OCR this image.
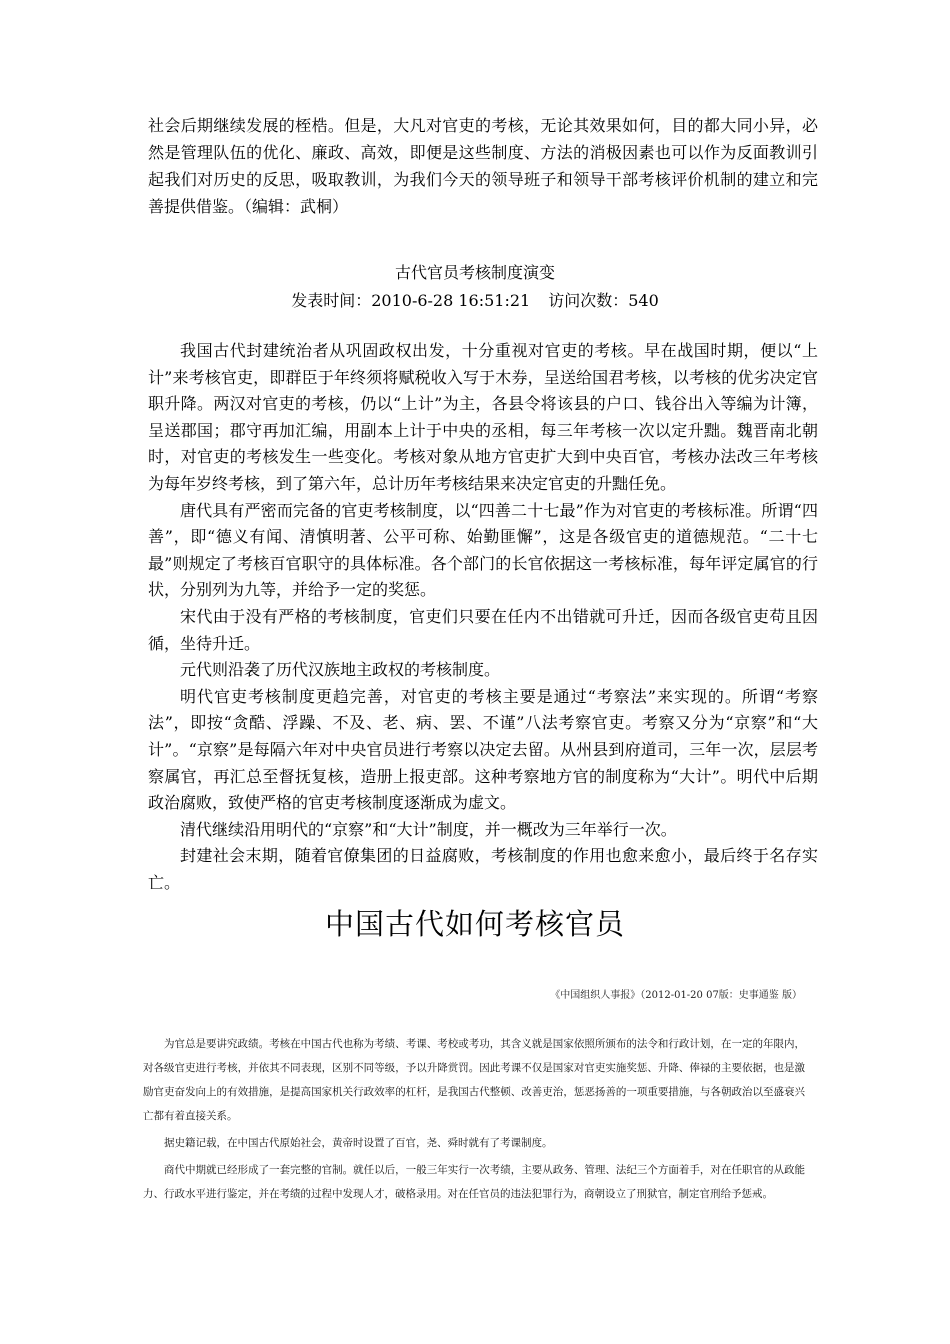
社会后期继续发展的桎梏。但是，大凡对官吏的考核，无论其效果如何，目的都大同小异，必然是管理队伍的优化、廉政、高效，即便是这些制度、方法的消极因素也可以作为反面教训引起我们对历史的反思，吸取教训，为我们今天的领导班子和领导干部考核评价机制的建立和完善提供借鉴。（编辑：武桐）

古代官员考核制度演变

发表时间：2010-6-28 16:51:21 访问次数：540

我国古代封建统治者从巩固政权出发，十分重视对官吏的考核。早在战国时期，便以“上计”来考核官吏，即群臣于年终须将赋税收入写于木券，呈送给国君考核，以考核的优劣决定官职升降。两汉对官吏的考核，仍以“上计”为主，各县令将该县的户口、钱谷出入等编为计簿，呈送郡国；郡守再加汇编，用副本上计于中央的丞相，每三年考核一次以定升黜。魏晋南北朝时，对官吏的考核发生一些变化。考核对象从地方官吏扩大到中央百官，考核办法改三年考核为每年岁终考核，到了第六年，总计历年考核结果来决定官吏的升黜任免。

唐代具有严密而完备的官吏考核制度，以“四善二十七最”作为对官吏的考核标准。所谓“四善”，即“德义有闻、清慎明著、公平可称、始勤匪懈”，这是各级官吏的道德规范。“二十七最”则规定了考核百官职守的具体标准。各个部门的长官依据这一考核标准，每年评定属官的行状，分别列为九等，并给予一定的奖惩。

宋代由于没有严格的考核制度，官吏们只要在任内不出错就可升迁，因而各级官吏苟且因循，坐待升迁。

元代则沿袭了历代汉族地主政权的考核制度。

明代官吏考核制度更趋完善，对官吏的考核主要是通过“考察法”来实现的。所谓“考察法”，即按“贪酷、浮躁、不及、老、病、罢、不谨”八法考察官吏。考察又分为“京察”和“大计”。“京察”是每隔六年对中央官员进行考察以决定去留。从州县到府道司，三年一次，层层考察属官，再汇总至督抚复核，造册上报吏部。这种考察地方官的制度称为“大计”。明代中后期政治腐败，致使严格的官吏考核制度逐渐成为虚文。

清代继续沿用明代的“京察”和“大计”制度，并一概改为三年举行一次。

封建社会末期，随着官僚集团的日益腐败，考核制度的作用也愈来愈小，最后终于名存实亡。

中国古代如何考核官员

《中国组织人事报》（2012-01-20 07版：史事通鉴 版）

为官总是要讲究政绩。考核在中国古代也称为考绩、考课、考校或考功，其含义就是国家依照所颁布的法令和行政计划，在一定的年限内，对各级官吏进行考核，并依其不同表现，区别不同等级，予以升降赏罚。因此考课不仅是国家对官吏实施奖惩、升降、俸禄的主要依据，也是激励官吏奋发向上的有效措施，是提高国家机关行政效率的杠杆，是我国古代整顿、改善吏治，惩恶扬善的一项重要措施，与各朝政治以至盛衰兴亡都有着直接关系。

据史籍记载，在中国古代原始社会，黄帝时设置了百官，尧、舜时就有了考课制度。

商代中期就已经形成了一套完整的官制。就任以后，一般三年实行一次考绩，主要从政务、管理、法纪三个方面着手，对在任职官的从政能力、行政水平进行鉴定，并在考绩的过程中发现人才，破格录用。对在任官员的违法犯罪行为，商朝设立了刑狱官，制定官刑给予惩戒。
